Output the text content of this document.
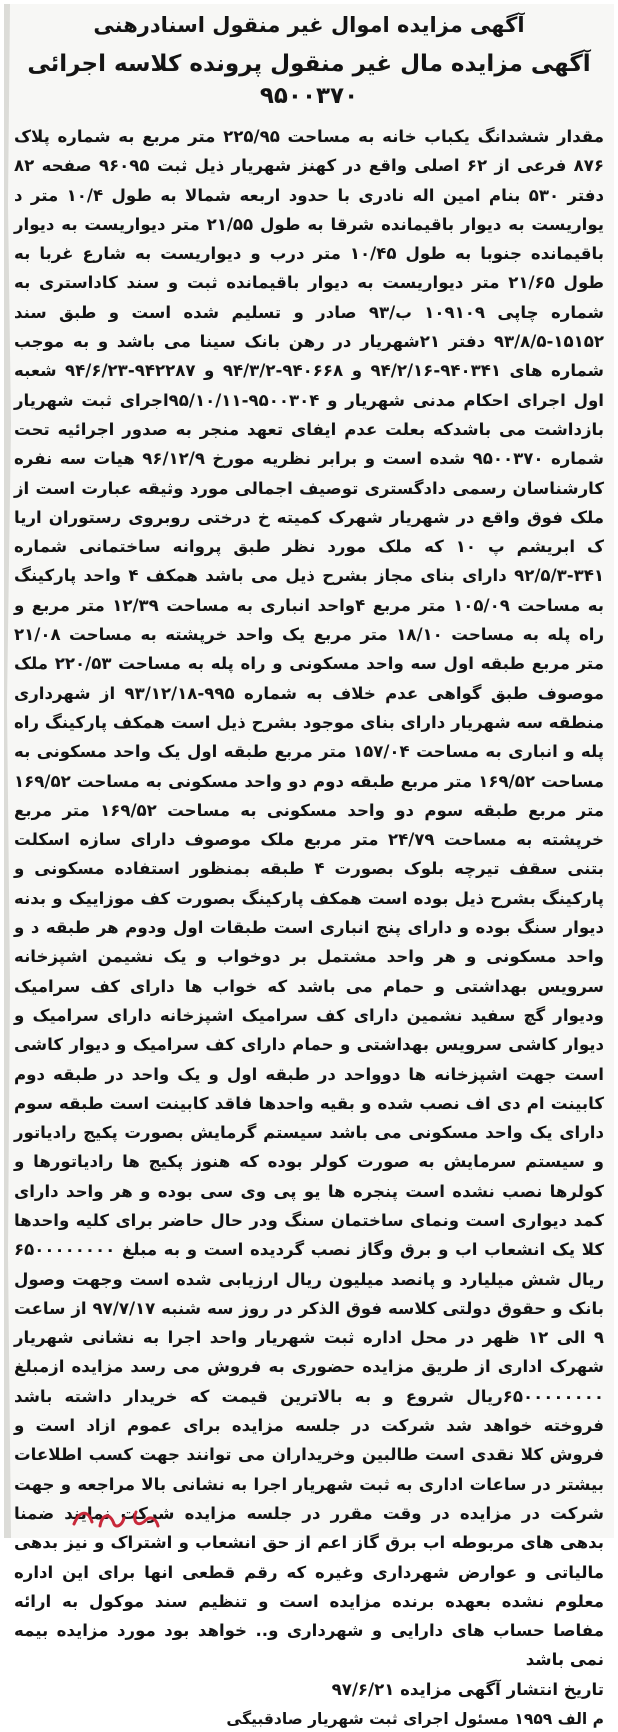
آگهی مزایده اموال غیر منقول اسنادرهنی
آگهی مزایده مال غیر منقول پرونده کلاسه اجرائی ۹۵۰۰۳۷۰

مقدار ششدانگ یکباب خانه به مساحت ۲۲۵/۹۵ متر مربع به شماره پلاک ۸۷۶ فرعی از ۶۲ اصلی واقع در کهنز شهریار ذیل ثبت ۹۶۰۹۵ صفحه ۸۲ دفتر ۵۳۰ بنام امین اله نادری با حدود اربعه شمالا به طول ۱۰/۴ متر د یواریست به دیوار باقیمانده شرقا به طول ۲۱/۵۵ متر دیواریست به دیوار باقیمانده جنوبا به طول ۱۰/۴۵ متر درب و دیواریست به شارع غربا به طول ۲۱/۶۵ متر دیواریست به دیوار باقیمانده ثبت و سند کاداستری به شماره چاپی ۱۰۹۱۰۹ ب/۹۳ صادر و تسلیم شده است و طبق سند ۱۵۱۵۲-۹۳/۸/۵ دفتر ۲۱شهریار در رهن بانک سینا می باشد و به موجب شماره های ۹۴۰۳۴۱-۹۴/۲/۱۶ و ۹۴۰۶۶۸-۹۴/۳/۲ و ۹۴۲۲۸۷-۹۴/۶/۲۳ شعبه اول اجرای احکام مدنی شهریار و ۹۵۰۰۳۰۴-۹۵/۱۰/۱۱اجرای ثبت شهریار بازداشت می باشدکه بعلت عدم ایفای تعهد منجر به صدور اجرائیه تحت شماره ۹۵۰۰۳۷۰ شده است و برابر نظریه مورخ ۹۶/۱۲/۹ هیات سه نفره کارشناسان رسمی دادگستری توصیف اجمالی مورد وثیقه عبارت است از ملک فوق واقع در شهریار شهرک کمیته خ درختی روبروی رستوران اریا ک ابریشم پ ۱۰ که ملک مورد نظر طبق پروانه ساختمانی شماره ۳۴۱-۹۲/۵/۳ دارای بنای مجاز بشرح ذیل می باشد همکف ۴ واحد پارکینگ به مساحت ۱۰۵/۰۹ متر مربع ۴واحد انباری به مساحت ۱۲/۳۹ متر مربع و راه پله به مساحت ۱۸/۱۰ متر مربع یک واحد خرپشته به مساحت ۲۱/۰۸ متر مربع طبقه اول سه واحد مسکونی و راه پله به مساحت ۲۲۰/۵۳ ملک موصوف طبق گواهی عدم خلاف به شماره ۹۹۵-۹۳/۱۲/۱۸ از شهرداری منطقه سه شهریار دارای بنای موجود بشرح ذیل است همکف پارکینگ راه پله و انباری به مساحت ۱۵۷/۰۴ متر مربع طبقه اول یک واحد مسکونی به مساحت ۱۶۹/۵۲ متر مربع طبقه دوم دو واحد مسکونی به مساحت ۱۶۹/۵۲ متر مربع طبقه سوم دو واحد مسکونی به مساحت ۱۶۹/۵۲ متر مربع خرپشته به مساحت ۲۴/۷۹ متر مربع ملک موصوف دارای سازه اسکلت بتنی سقف تیرچه بلوک بصورت ۴ طبقه بمنظور استفاده مسکونی و پارکینگ بشرح ذیل بوده است همکف پارکینگ بصورت کف موزاییک و بدنه دیوار سنگ بوده و دارای پنج انباری است طبقات اول ودوم هر طبقه د و واحد مسکونی و هر واحد مشتمل بر دوخواب و یک نشیمن اشپزخانه سرویس بهداشتی و حمام می باشد که خواب ها دارای کف سرامیک ودیوار گچ سفید نشمین دارای کف سرامیک اشپزخانه دارای سرامیک و دیوار کاشی سرویس بهداشتی و حمام دارای کف سرامیک و دیوار کاشی است جهت اشپزخانه ها دوواحد در طبقه اول و یک واحد در طبقه دوم کابینت ام دی اف نصب شده و بقیه واحدها فاقد کابینت است طبقه سوم دارای یک واحد مسکونی می باشد سیستم گرمایش بصورت پکیج رادیاتور و سیستم سرمایش به صورت کولر بوده که هنوز پکیج ها رادیاتورها و کولرها نصب نشده است پنجره ها یو پی وی سی بوده و هر واحد دارای کمد دیواری است ونمای ساختمان سنگ ودر حال حاضر برای کلیه واحدها کلا یک انشعاب اب و برق وگاز نصب گردیده است و به مبلغ ۶۵۰۰۰۰۰۰۰۰ ریال شش میلیارد و پانصد میلیون ریال ارزیابی شده است وجهت وصول بانک و حقوق دولتی کلاسه فوق الذکر در روز سه شنبه ۹۷/۷/۱۷ از ساعت ۹ الی ۱۲ ظهر در محل اداره ثبت شهریار واحد اجرا به نشانی شهریار شهرک اداری از طریق مزایده حضوری به فروش می رسد مزایده ازمبلغ ۶۵۰۰۰۰۰۰۰۰ریال شروع و به بالاترین قیمت که خریدار داشته باشد فروخته خواهد شد شرکت در جلسه مزایده برای عموم ازاد است و فروش کلا نقدی است طالبین وخریداران می توانند جهت کسب اطلاعات بیشتر در ساعات اداری به ثبت شهریار اجرا به نشانی بالا مراجعه و جهت شرکت در مزایده در وقت مقرر در جلسه مزایده شرکت نمایند ضمنا بدهی های مربوطه اب برق گاز اعم از حق انشعاب و اشتراک و نیز بدهی مالیاتی و عوارض شهرداری وغیره که رقم قطعی انها برای این اداره معلوم نشده بعهده برنده مزایده است و تنظیم سند موکول به ارائه مفاصا حساب های دارایی و شهرداری و.. خواهد بود مورد مزایده بیمه نمی باشد

تاریخ انتشار آگهی مزایده ۹۷/۶/۲۱

م الف ۱۹۵۹ مسئول اجرای ثبت شهریار صادقبیگی
